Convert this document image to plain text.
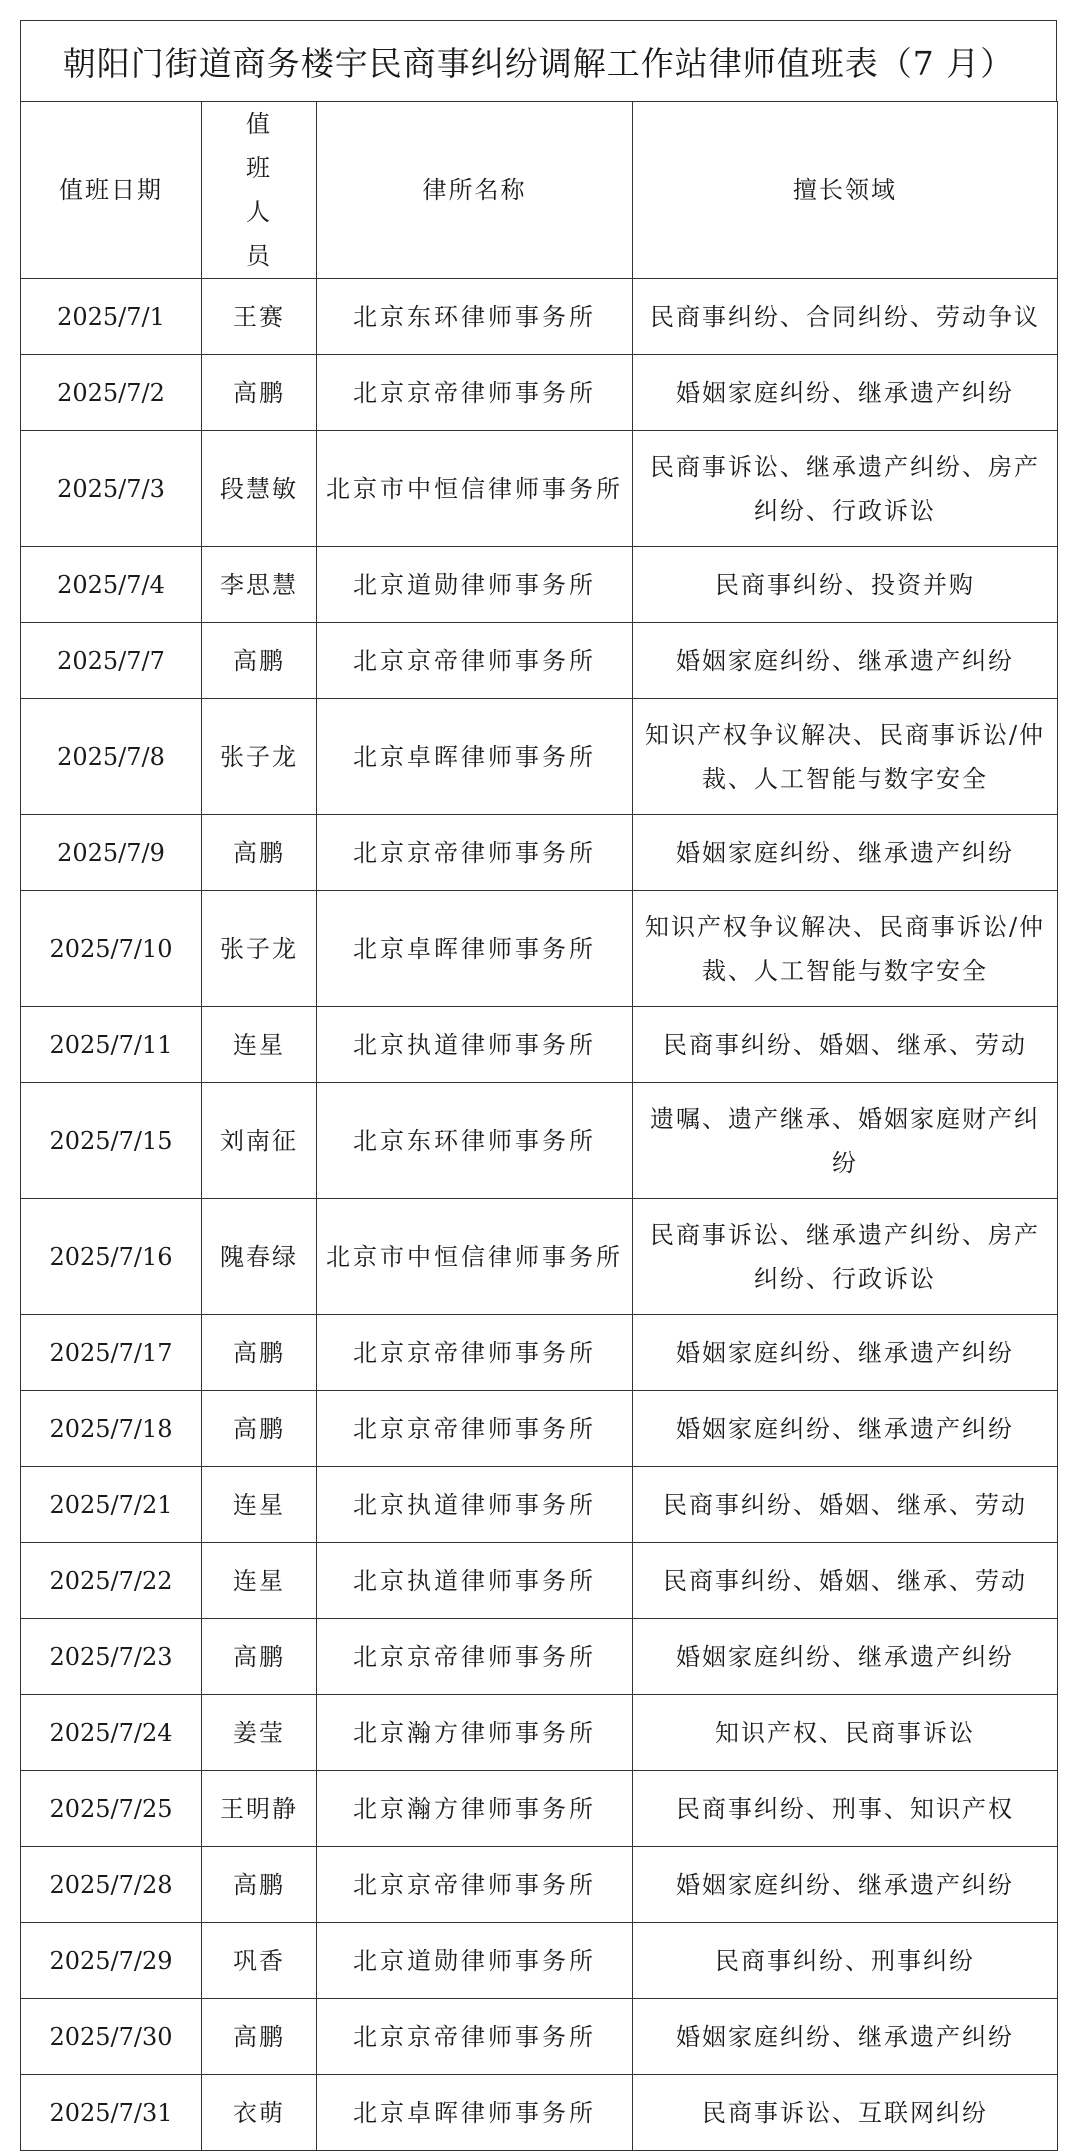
朝阳门街道商务楼宇民商事纠纷调解工作站律师值班表（7 月）
值班日期	值班人员	律所名称	擅长领域
2025/7/1	王赛	北京东环律师事务所	民商事纠纷、合同纠纷、劳动争议
2025/7/2	高鹏	北京京帝律师事务所	婚姻家庭纠纷、继承遗产纠纷
2025/7/3	段慧敏	北京市中恒信律师事务所	民商事诉讼、继承遗产纠纷、房产纠纷、行政诉讼
2025/7/4	李思慧	北京道勋律师事务所	民商事纠纷、投资并购
2025/7/7	高鹏	北京京帝律师事务所	婚姻家庭纠纷、继承遗产纠纷
2025/7/8	张子龙	北京卓晖律师事务所	知识产权争议解决、民商事诉讼/仲裁、人工智能与数字安全
2025/7/9	高鹏	北京京帝律师事务所	婚姻家庭纠纷、继承遗产纠纷
2025/7/10	张子龙	北京卓晖律师事务所	知识产权争议解决、民商事诉讼/仲裁、人工智能与数字安全
2025/7/11	连星	北京执道律师事务所	民商事纠纷、婚姻、继承、劳动
2025/7/15	刘南征	北京东环律师事务所	遗嘱、遗产继承、婚姻家庭财产纠纷
2025/7/16	隗春绿	北京市中恒信律师事务所	民商事诉讼、继承遗产纠纷、房产纠纷、行政诉讼
2025/7/17	高鹏	北京京帝律师事务所	婚姻家庭纠纷、继承遗产纠纷
2025/7/18	高鹏	北京京帝律师事务所	婚姻家庭纠纷、继承遗产纠纷
2025/7/21	连星	北京执道律师事务所	民商事纠纷、婚姻、继承、劳动
2025/7/22	连星	北京执道律师事务所	民商事纠纷、婚姻、继承、劳动
2025/7/23	高鹏	北京京帝律师事务所	婚姻家庭纠纷、继承遗产纠纷
2025/7/24	姜莹	北京瀚方律师事务所	知识产权、民商事诉讼
2025/7/25	王明静	北京瀚方律师事务所	民商事纠纷、刑事、知识产权
2025/7/28	高鹏	北京京帝律师事务所	婚姻家庭纠纷、继承遗产纠纷
2025/7/29	巩香	北京道勋律师事务所	民商事纠纷、刑事纠纷
2025/7/30	高鹏	北京京帝律师事务所	婚姻家庭纠纷、继承遗产纠纷
2025/7/31	衣萌	北京卓晖律师事务所	民商事诉讼、互联网纠纷
